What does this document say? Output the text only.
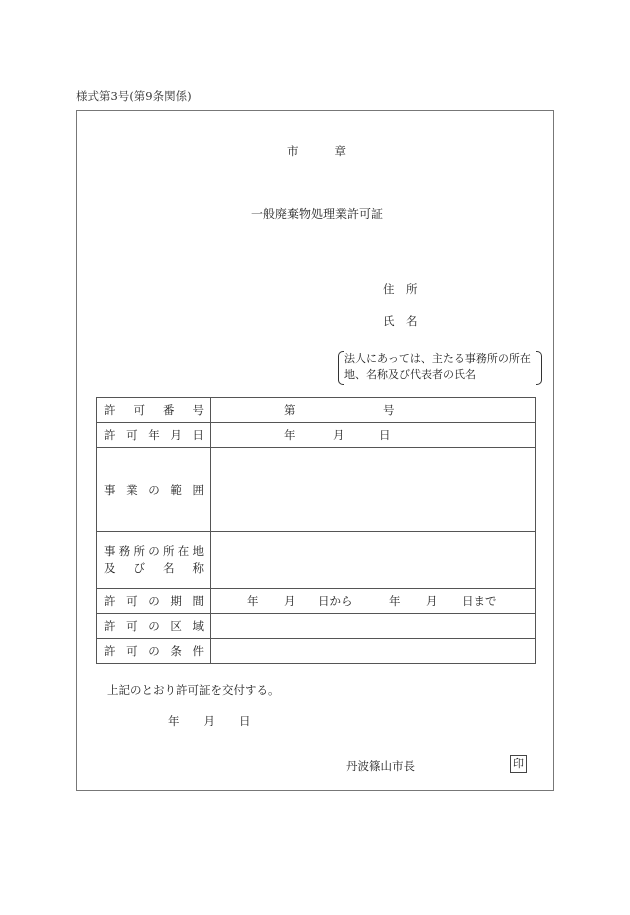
様式第3号(第9条関係)
市	章
一般廃棄物処理業許可証
住　所
氏　名
法人にあっては、主たる事務所の所在地、名称及び代表者の氏名
許 可 番 号	第 号

許 可 年 月 日	年 月 日

事 業 の 範 囲	

事 務 所 の 所 在 地
及 び 名 称

許 可 の 期 間	年 月 日から	年 月 日まで

許 可 の 区 域	

許 可 の 条 件	

上記のとおり許可証を交付する。
年 月 日
丹波篠山市長	印
